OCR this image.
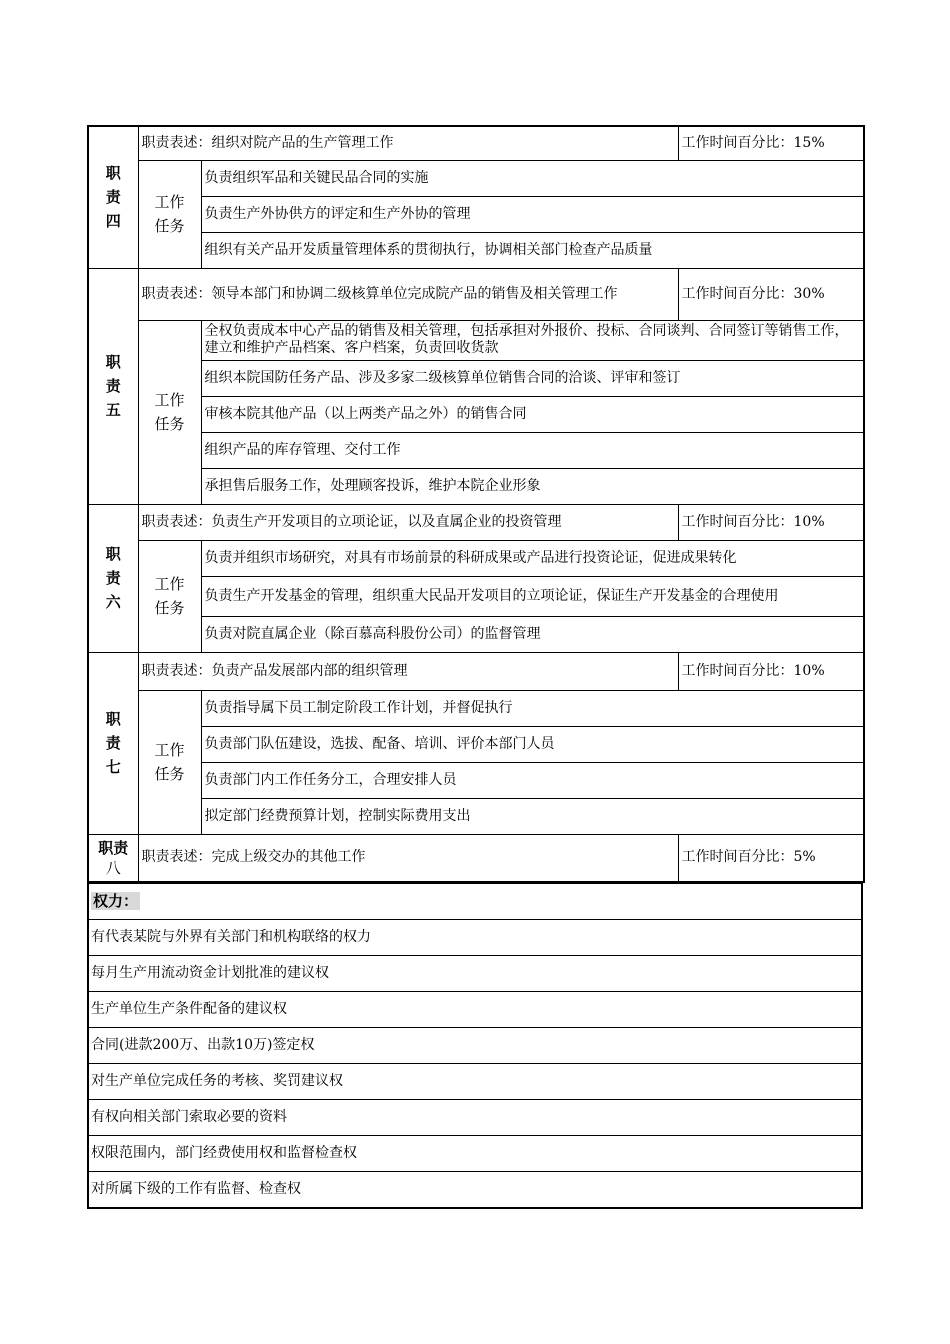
职
责
四	职责表述：组织对院产品的生产管理工作		工作时间百分比：15%

	工作
任务	负责组织军品和关键民品合同的实施	
		负责生产外协供方的评定和生产外协的管理	
		组织有关产品开发质量管理体系的贯彻执行，协调相关部门检查产品质量	

职
责
五	职责表述：领导本部门和协调二级核算单位完成院产品的销售及相关管理工作		工作时间百分比：30%

	工作
任务	全权负责成本中心产品的销售及相关管理，包括承担对外报价、投标、合同谈判、合同签订等销售工作，建立和维护产品档案、客户档案，负责回收货款	
		组织本院国防任务产品、涉及多家二级核算单位销售合同的洽谈、评审和签订	
		审核本院其他产品（以上两类产品之外）的销售合同	
		组织产品的库存管理、交付工作	
		承担售后服务工作，处理顾客投诉，维护本院企业形象	

职
责
六	职责表述：负责生产开发项目的立项论证，以及直属企业的投资管理		工作时间百分比：10%

	工作
任务	负责并组织市场研究，对具有市场前景的科研成果或产品进行投资论证，促进成果转化	
		负责生产开发基金的管理，组织重大民品开发项目的立项论证，保证生产开发基金的合理使用	
		负责对院直属企业（除百慕高科股份公司）的监督管理	

职
责
七	职责表述：负责产品发展部内部的组织管理		工作时间百分比：10%

	工作
任务	负责指导属下员工制定阶段工作计划，并督促执行	
		负责部门队伍建设，选拔、配备、培训、评价本部门人员	
		负责部门内工作任务分工，合理安排人员	
		拟定部门经费预算计划，控制实际费用支出	

职责
八	职责表述：完成上级交办的其他工作		工作时间百分比：5%
权力：
有代表某院与外界有关部门和机构联络的权力
每月生产用流动资金计划批准的建议权
生产单位生产条件配备的建议权
合同(进款200万、出款10万)签定权
对生产单位完成任务的考核、奖罚建议权
有权向相关部门索取必要的资料
权限范围内，部门经费使用权和监督检查权
对所属下级的工作有监督、检查权
